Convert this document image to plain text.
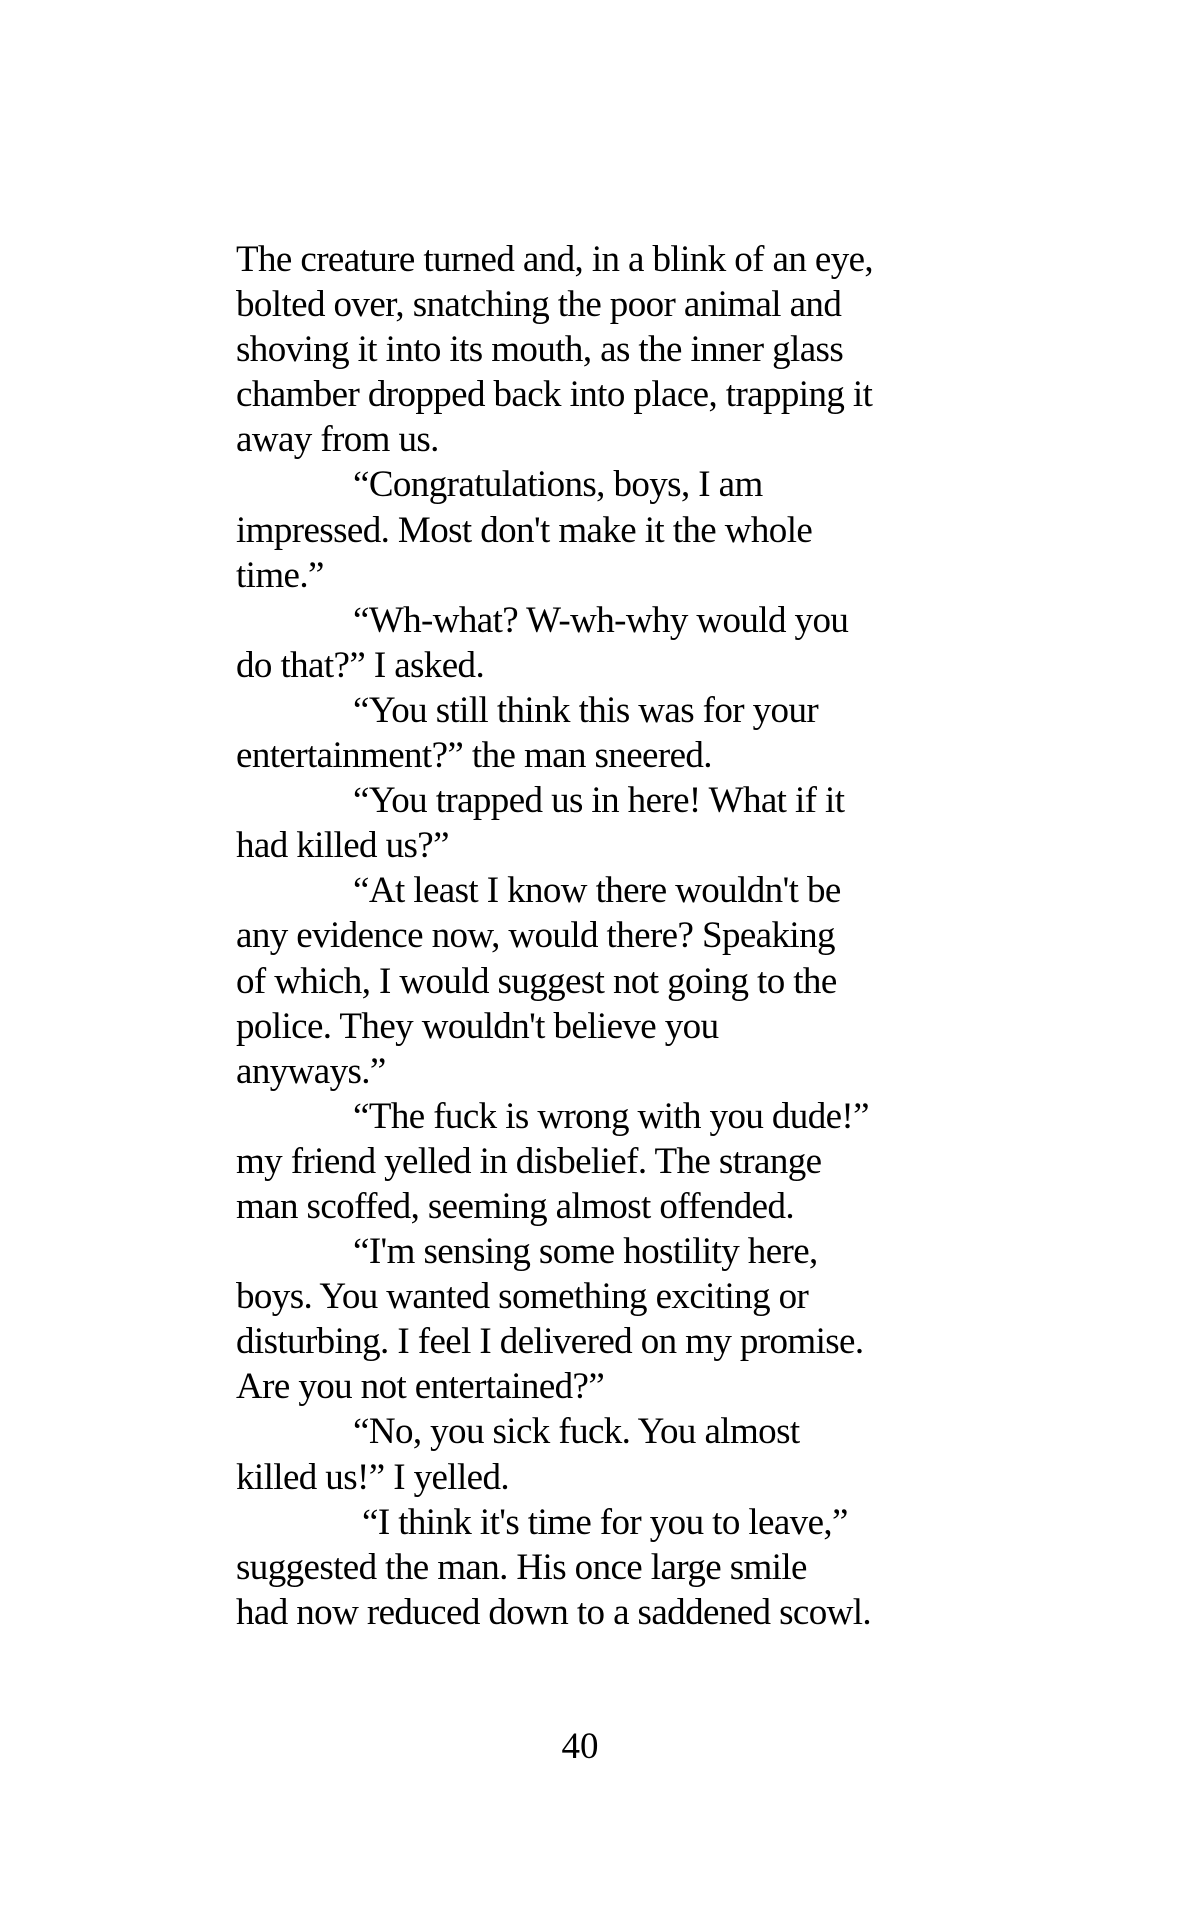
The creature turned and, in a blink of an eye,
bolted over, snatching the poor animal and
shoving it into its mouth, as the inner glass
chamber dropped back into place, trapping it
away from us.
“Congratulations, boys, I am
impressed. Most don't make it the whole
time.”
“Wh-what? W-wh-why would you
do that?” I asked.
“You still think this was for your
entertainment?” the man sneered.
“You trapped us in here! What if it
had killed us?”
“At least I know there wouldn't be
any evidence now, would there? Speaking
of which, I would suggest not going to the
police. They wouldn't believe you
anyways.”
“The fuck is wrong with you dude!”
my friend yelled in disbelief. The strange
man scoffed, seeming almost offended.
“I'm sensing some hostility here,
boys. You wanted something exciting or
disturbing. I feel I delivered on my promise.
Are you not entertained?”
“No, you sick fuck. You almost
killed us!” I yelled.
“I think it's time for you to leave,”
suggested the man. His once large smile
had now reduced down to a saddened scowl.
40
